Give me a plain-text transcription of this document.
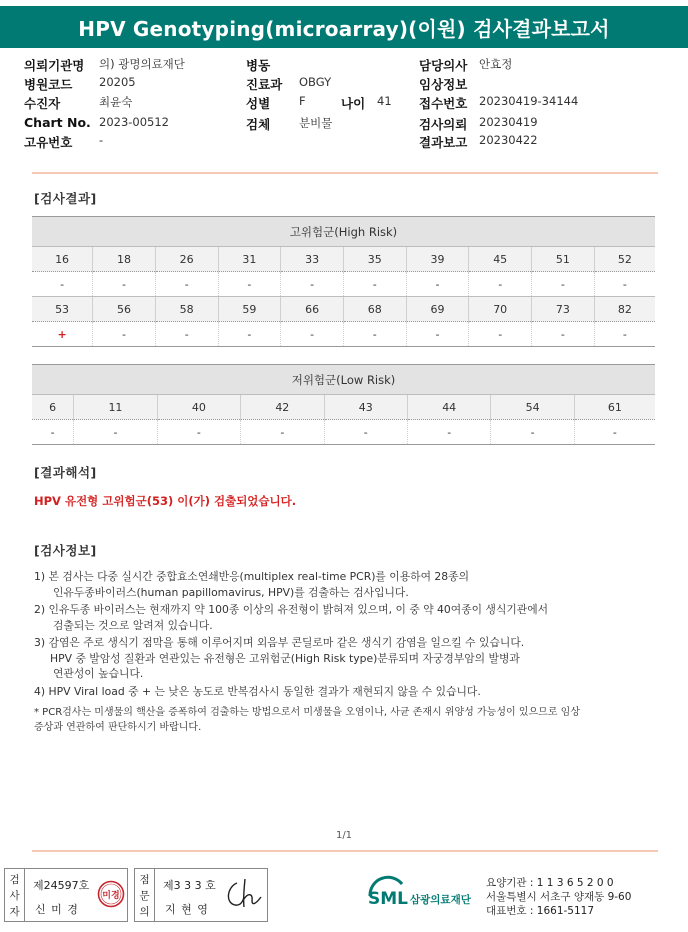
HPV Genotyping(microarray)(이원) 검사결과보고서
의뢰기관명 의) 광명의료재단	병동	담당의사 안효정
병원코드 20205	진료과 OBGY	임상정보
수진자	최윤숙	성별	F	나이 41 접수번호 20230419-34144
Chart No. 2023-00512	검체	분비물	검사의뢰 20230419
고유번호 -	결과보고 20230422
[검사결과]
고위험군(High Risk)									
16	18	26	31	33	35	39	45	51	52
-	-	-	-	-	-	-	-	-	-
53	56	58	59	66	68	69	70	73	82
+	-	-	-	-	-	-	-	-	-
저위험군(Low Risk)							
6	11	40	42	43	44	54	61
-	-	-	-	-	-	-	-
[결과해석]
HPV 유전형 고위험군(53) 이(가) 검출되었습니다.
[검사정보]
1) 본 검사는 다중 실시간 중합효소연쇄반응(multiplex real-time PCR)를 이용하여 28종의
인유두종바이러스(human papillomavirus, HPV)를 검출하는 검사입니다.
2) 인유두종 바이러스는 현재까지 약 100종 이상의 유전형이 밝혀져 있으며, 이 중 약 40여종이 생식기관에서
검출되는 것으로 알려져 있습니다.
3) 감염은 주로 생식기 점막을 통해 이루어지며 외음부 콘딜로마 같은 생식기 감염을 일으킬 수 있습니다.
HPV 중 발암성 질환과 연관있는 유전형은 고위험군(High Risk type)분류되며 자궁경부암의 발병과
연관성이 높습니다.
4) HPV Viral load 중 + 는 낮은 농도로 반복검사시 동일한 결과가 재현되지 않을 수 있습니다.
* PCR검사는 미생물의 핵산을 증폭하여 검출하는 방법으로서 미생물을 오염이나, 사균 존재시 위양성 가능성이 있으므로 임상
증상과 연관하여 판단하시기 바랍니다.
1/1
검사자
제24597호
신 미 경
미경
점문의
제3 3 3 호
지 현 영
Ch
SML 삼광의료재단
요양기관 : 1 1 3 6 5 2 0 0
서울특별시 서초구 양재동 9-60
대표번호 : 1661-5117
